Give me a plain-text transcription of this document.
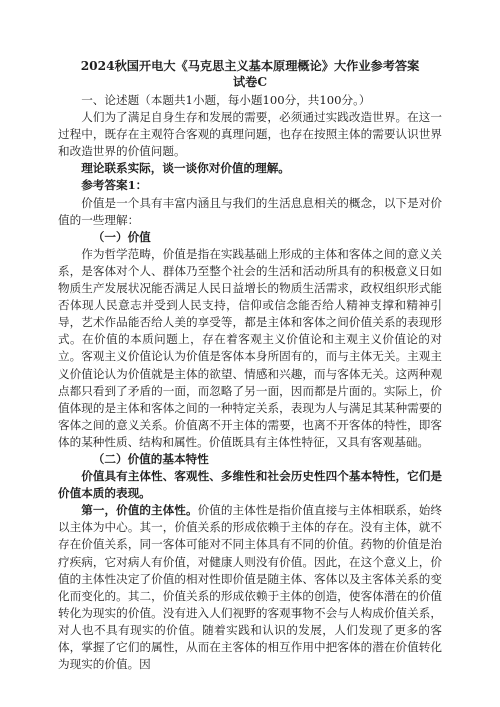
2024秋国开电大《马克思主义基本原理概论》大作业参考答案

试卷C

一、论述题（本题共1小题，每小题100分，共100分。）

人们为了满足自身生存和发展的需要，必须通过实践改造世界。在这一过程中，既存在主观符合客观的真理问题，也存在按照主体的需要认识世界和改造世界的价值问题。

理论联系实际，谈一谈你对价值的理解。

参考答案1：

价值是一个具有丰富内涵且与我们的生活息息相关的概念，以下是对价值的一些理解：

（一）价值

作为哲学范畴，价值是指在实践基础上形成的主体和客体之间的意义关系，是客体对个人、群体乃至整个社会的生活和活动所具有的积极意义日如物质生产发展状况能否满足人民日益增长的物质生活需求，政权组织形式能否体现人民意志并受到人民支持，信仰或信念能否给人精神支撑和精神引导，艺术作品能否给人美的享受等，都是主体和客体之间价值关系的表现形式。在价值的本质问题上，存在着客观主义价值论和主观主义价值论的对立。客观主义价值论认为价值是客体本身所固有的，而与主体无关。主观主义价值论认为价值就是主体的欲望、情感和兴趣，而与客体无关。这两种观点都只看到了矛盾的一面，而忽略了另一面，因而都是片面的。实际上，价值体现的是主体和客体之间的一种特定关系，表现为人与满足其某种需要的客体之间的意义关系。价值离不开主体的需要，也离不开客体的特性，即客体的某种性质、结构和属性。价值既具有主体性特征，又具有客观基础。

（二）价值的基本特性

价值具有主体性、客观性、多维性和社会历史性四个基本特性，它们是价值本质的表现。

第一，价值的主体性。价值的主体性是指价值直接与主体相联系，始终以主体为中心。其一，价值关系的形成依赖于主体的存在。没有主体，就不存在价值关系，同一客体可能对不同主体具有不同的价值。药物的价值是治疗疾病，它对病人有价值，对健康人则没有价值。因此，在这个意义上，价值的主体性决定了价值的相对性即价值是随主体、客体以及主客体关系的变化而变化的。其二，价值关系的形成依赖于主体的创造，使客体潜在的价值转化为现实的价值。没有进入人们视野的客观事物不会与人构成价值关系，对人也不具有现实的价值。随着实践和认识的发展，人们发现了更多的客体，掌握了它们的属性，从而在主客体的相互作用中把客体的潜在价值转化为现实的价值。因
